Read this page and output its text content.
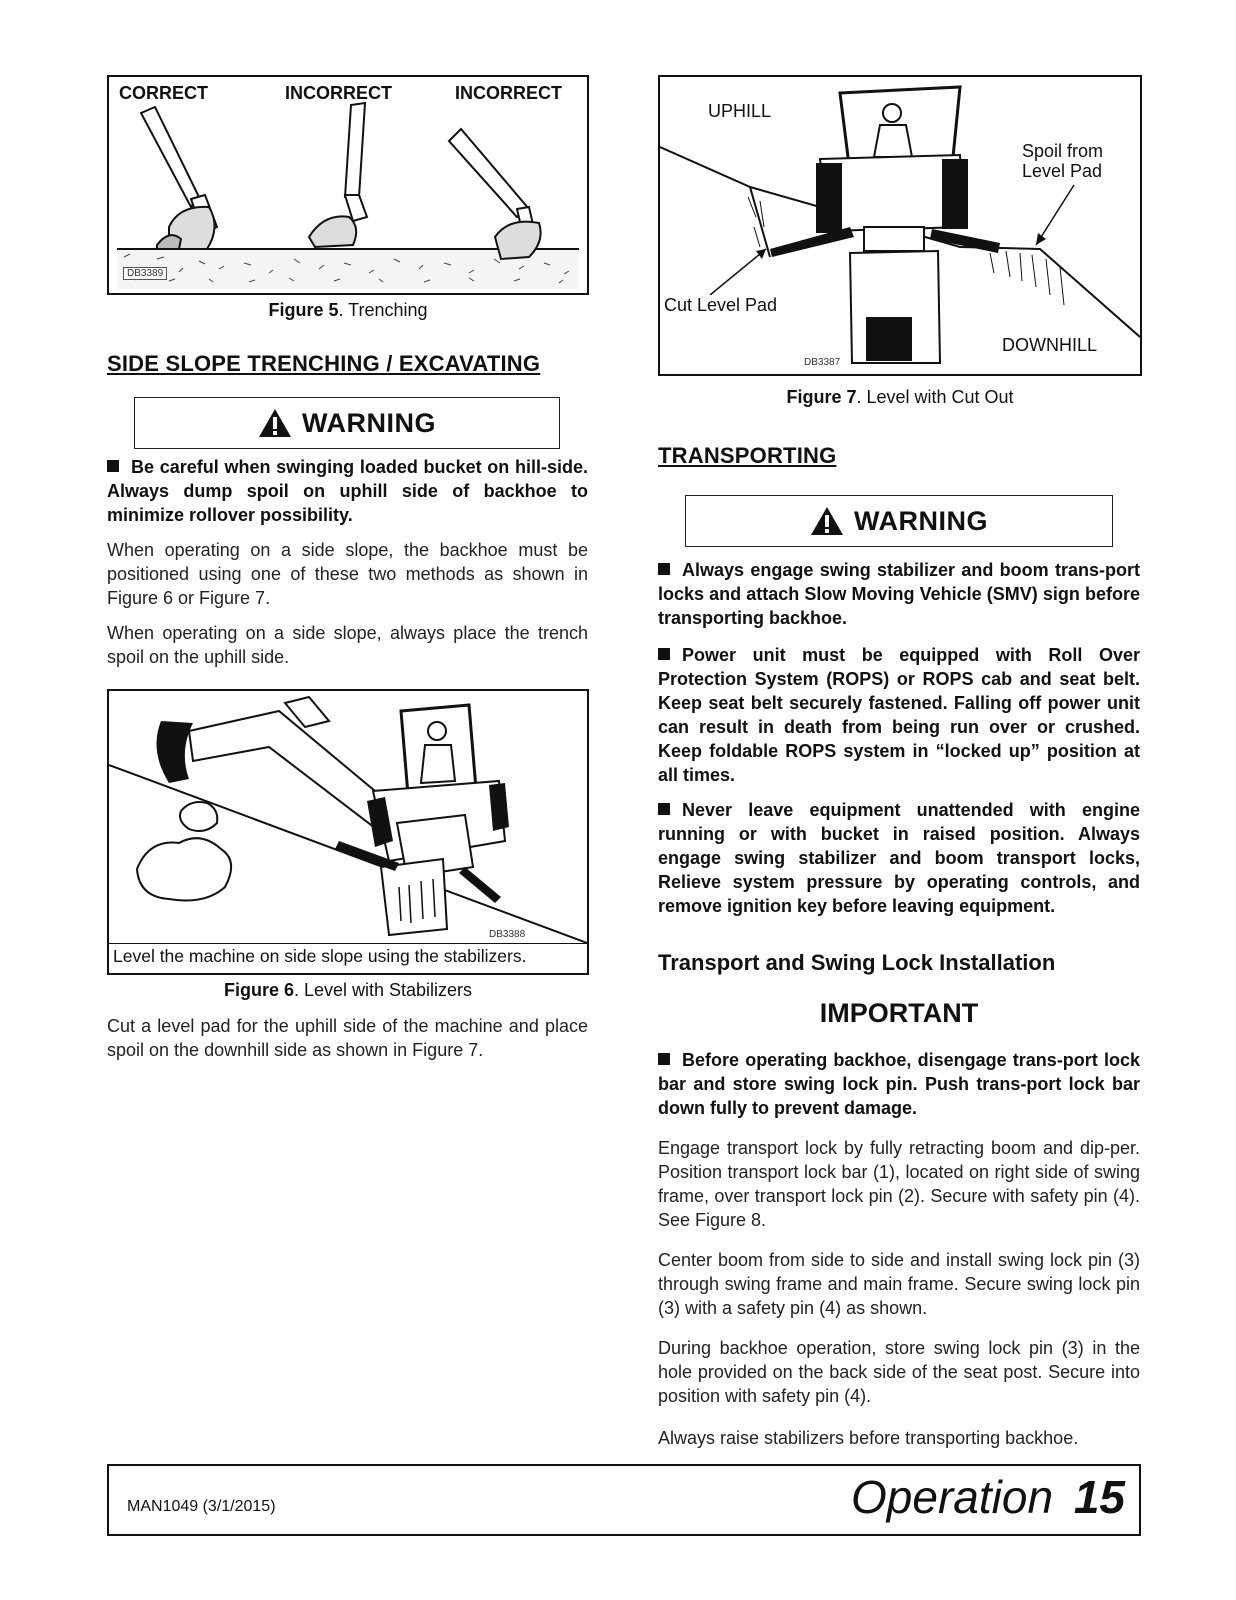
CORRECT	INCORRECT	INCORRECT
DB3389
Figure 5. Trenching
SIDE SLOPE TRENCHING / EXCAVATING
WARNING
Be careful when swinging loaded bucket on hill-side. Always dump spoil on uphill side of backhoe to minimize rollover possibility.
When operating on a side slope, the backhoe must be positioned using one of these two methods as shown in Figure 6 or Figure 7.
When operating on a side slope, always place the trench spoil on the uphill side.
DB3388
Level the machine on side slope using the stabilizers.
Figure 6. Level with Stabilizers
Cut a level pad for the uphill side of the machine and place spoil on the downhill side as shown in Figure 7.
UPHILL
Spoil from Level Pad
Cut Level Pad
DOWNHILL
DB3387
Figure 7. Level with Cut Out
TRANSPORTING
WARNING
Always engage swing stabilizer and boom trans-port locks and attach Slow Moving Vehicle (SMV) sign before transporting backhoe.
Power unit must be equipped with Roll Over Protection System (ROPS) or ROPS cab and seat belt. Keep seat belt securely fastened. Falling off power unit can result in death from being run over or crushed. Keep foldable ROPS system in “locked up” position at all times.
Never leave equipment unattended with engine running or with bucket in raised position. Always engage swing stabilizer and boom transport locks, Relieve system pressure by operating controls, and remove ignition key before leaving equipment.
Transport and Swing Lock Installation
IMPORTANT
Before operating backhoe, disengage trans-port lock bar and store swing lock pin. Push trans-port lock bar down fully to prevent damage.
Engage transport lock by fully retracting boom and dip-per. Position transport lock bar (1), located on right side of swing frame, over transport lock pin (2). Secure with safety pin (4). See Figure 8.
Center boom from side to side and install swing lock pin (3) through swing frame and main frame. Secure swing lock pin (3) with a safety pin (4) as shown.
During backhoe operation, store swing lock pin (3) in the hole provided on the back side of the seat post. Secure into position with safety pin (4).
Always raise stabilizers before transporting backhoe.
MAN1049 (3/1/2015)	Operation 15
